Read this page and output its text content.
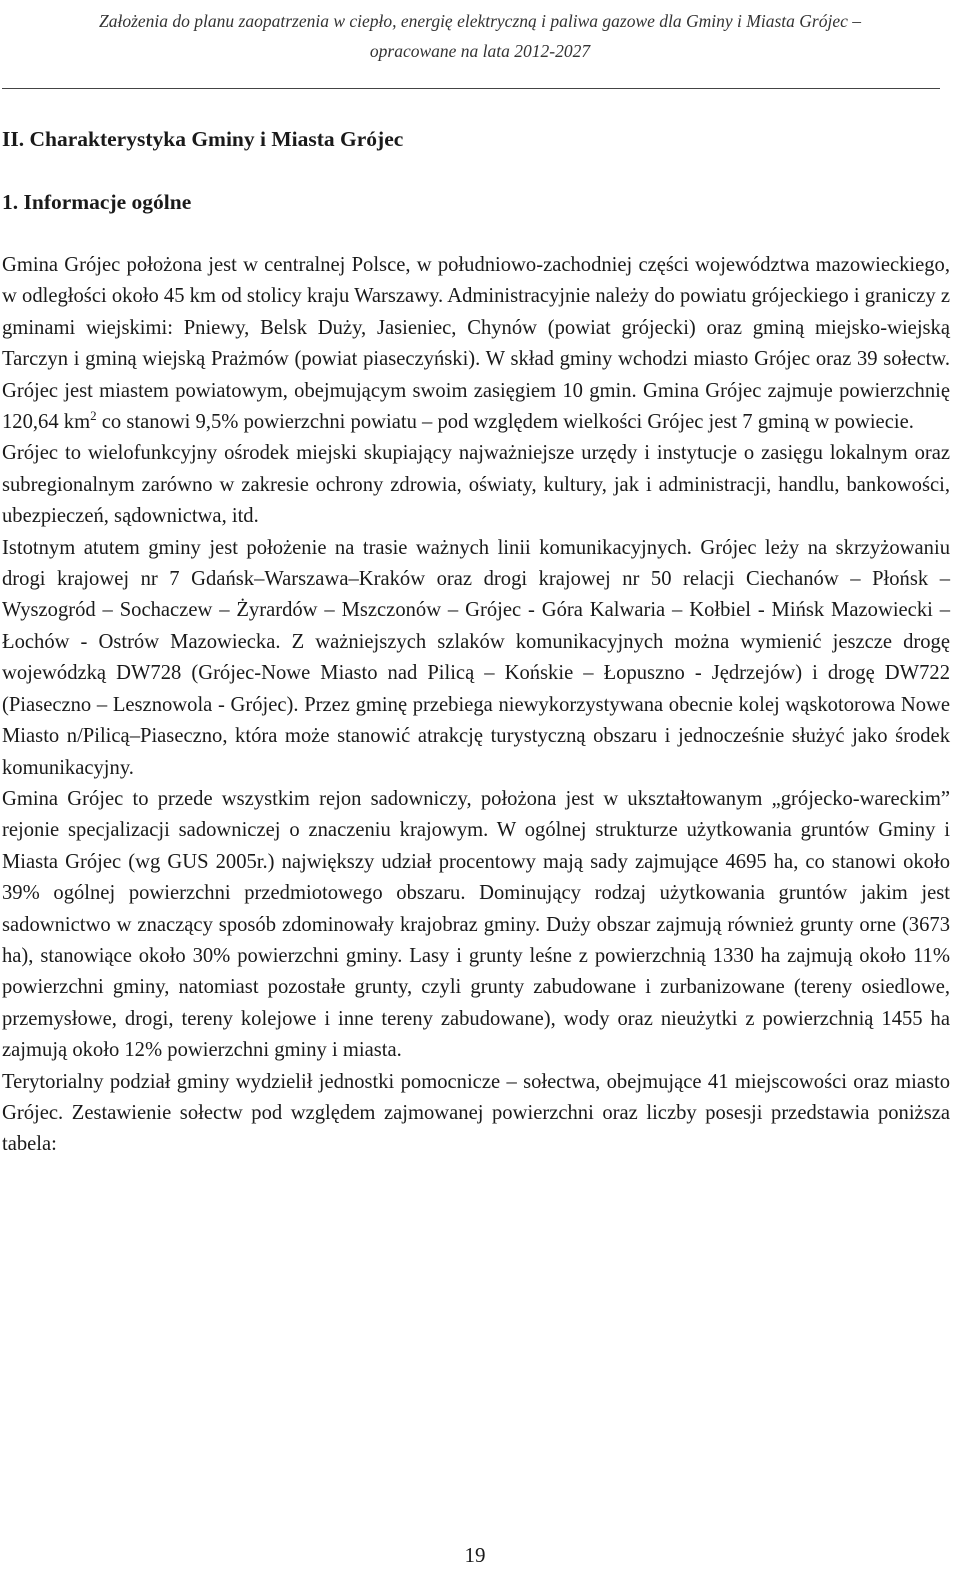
Założenia do planu zaopatrzenia w ciepło, energię elektryczną i paliwa gazowe dla Gminy i Miasta Grójec –
opracowane na lata 2012-2027
II. Charakterystyka Gminy i Miasta Grójec
1. Informacje ogólne

Gmina Grójec położona jest w centralnej Polsce, w południowo-zachodniej części województwa mazowieckiego, w odległości około 45 km od stolicy kraju Warszawy. Administracyjnie należy do powiatu grójeckiego i graniczy z gminami wiejskimi: Pniewy, Belsk Duży, Jasieniec, Chynów (powiat grójecki) oraz gminą miejsko-wiejską Tarczyn i gminą wiejską Prażmów (powiat piaseczyński). W skład gminy wchodzi miasto Grójec oraz 39 sołectw. Grójec jest miastem powiatowym, obejmującym swoim zasięgiem 10 gmin. Gmina Grójec zajmuje powierzchnię 120,64 $km^2$ co stanowi 9,5% powierzchni powiatu – pod względem wielkości Grójec jest 7 gminą w powiecie.

Grójec to wielofunkcyjny ośrodek miejski skupiający najważniejsze urzędy i instytucje o zasięgu lokalnym oraz subregionalnym zarówno w zakresie ochrony zdrowia, oświaty, kultury, jak i administracji, handlu, bankowości, ubezpieczeń, sądownictwa, itd.

Istotnym atutem gminy jest położenie na trasie ważnych linii komunikacyjnych. Grójec leży na skrzyżowaniu drogi krajowej nr 7 Gdańsk–Warszawa–Kraków oraz drogi krajowej nr 50 relacji Ciechanów – Płońsk – Wyszogród – Sochaczew – Żyrardów – Mszczonów – Grójec - Góra Kalwaria – Kołbiel - Mińsk Mazowiecki – Łochów - Ostrów Mazowiecka. Z ważniejszych szlaków komunikacyjnych można wymienić jeszcze drogę wojewódzką DW728 (Grójec-Nowe Miasto nad Pilicą – Końskie – Łopuszno - Jędrzejów) i drogę DW722 (Piaseczno – Lesznowola - Grójec). Przez gminę przebiega niewykorzystywana obecnie kolej wąskotorowa Nowe Miasto n/Pilicą–Piaseczno, która może stanowić atrakcję turystyczną obszaru i jednocześnie służyć jako środek komunikacyjny.

Gmina Grójec to przede wszystkim rejon sadowniczy, położona jest w ukształtowanym „grójecko-wareckim” rejonie specjalizacji sadowniczej o znaczeniu krajowym. W ogólnej strukturze użytkowania gruntów Gminy i Miasta Grójec (wg GUS 2005r.) największy udział procentowy mają sady zajmujące 4695 ha, co stanowi około 39% ogólnej powierzchni przedmiotowego obszaru. Dominujący rodzaj użytkowania gruntów jakim jest sadownictwo w znaczący sposób zdominowały krajobraz gminy. Duży obszar zajmują również grunty orne (3673 ha), stanowiące około 30% powierzchni gminy. Lasy i grunty leśne z powierzchnią 1330 ha zajmują około 11% powierzchni gminy, natomiast pozostałe grunty, czyli grunty zabudowane i zurbanizowane (tereny osiedlowe, przemysłowe, drogi, tereny kolejowe i inne tereny zabudowane), wody oraz nieużytki z powierzchnią 1455 ha zajmują około 12% powierzchni gminy i miasta.

Terytorialny podział gminy wydzielił jednostki pomocnicze – sołectwa, obejmujące 41 miejscowości oraz miasto Grójec. Zestawienie sołectw pod względem zajmowanej powierzchni oraz liczby posesji przedstawia poniższa tabela:

19
